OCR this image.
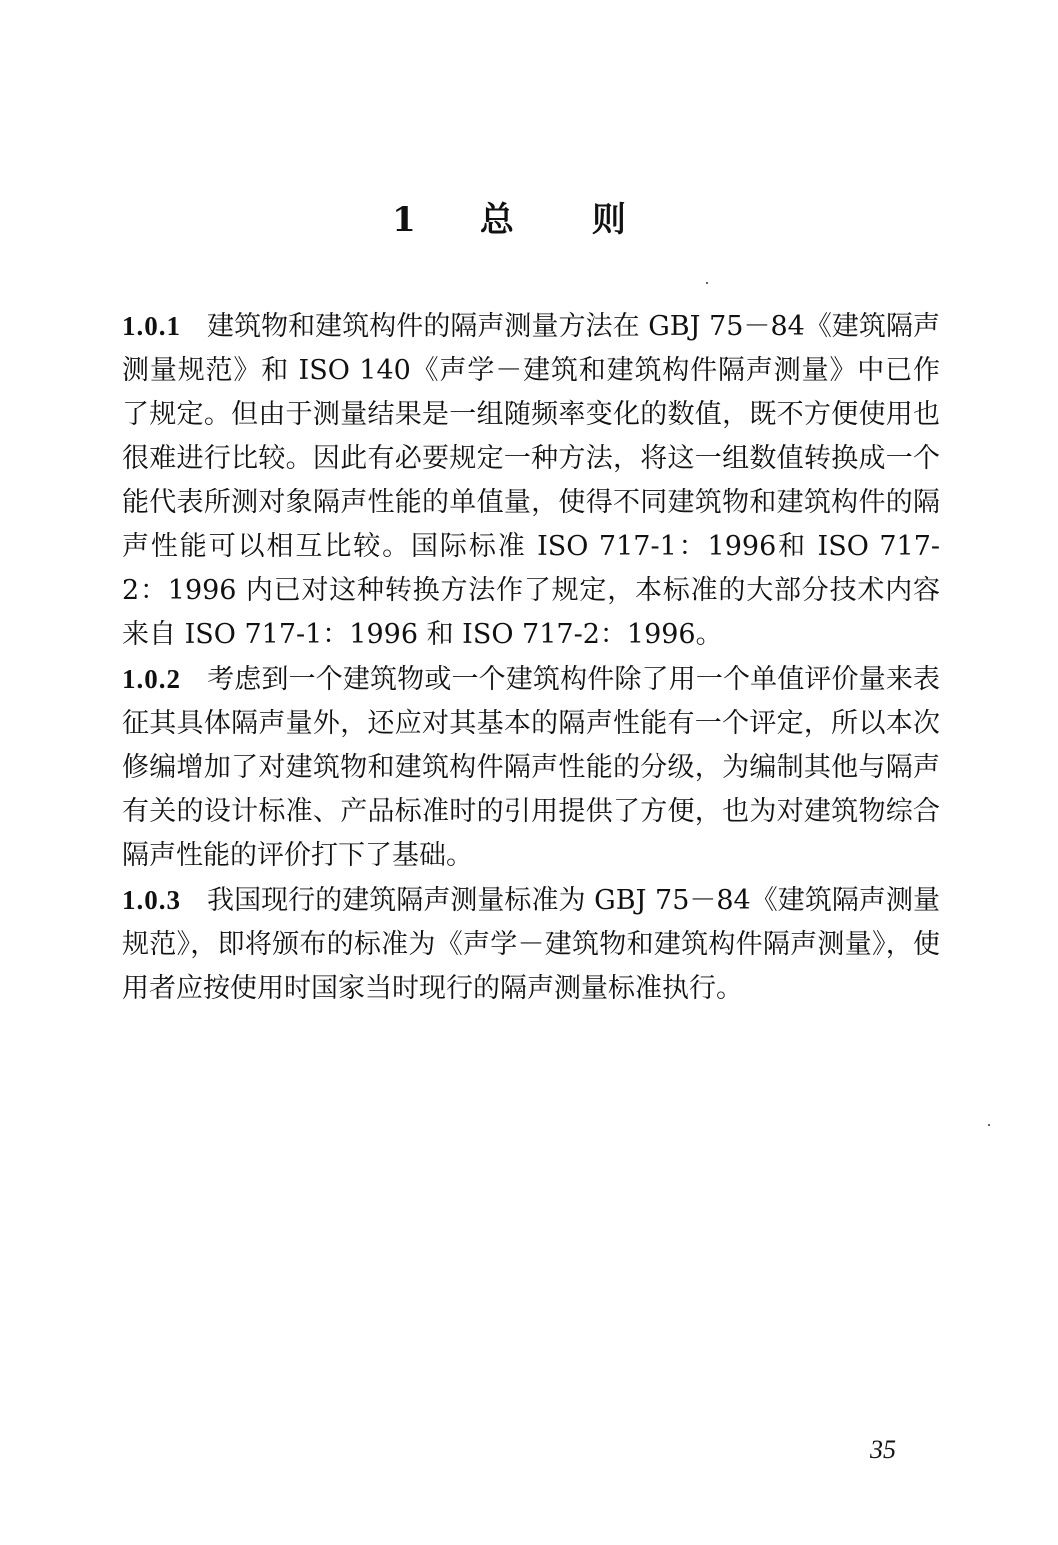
1 总 则

1.0.1 建筑物和建筑构件的隔声测量方法在 GBJ 75－84《建筑隔声测量规范》和 ISO 140《声学－建筑和建筑构件隔声测量》中已作了规定。但由于测量结果是一组随频率变化的数值，既不方便使用也很难进行比较。因此有必要规定一种方法，将这一组数值转换成一个能代表所测对象隔声性能的单值量，使得不同建筑物和建筑构件的隔声性能可以相互比较。国际标准 ISO 717-1：1996和 ISO 717-2：1996 内已对这种转换方法作了规定，本标准的大部分技术内容来自 ISO 717-1：1996 和 ISO 717-2：1996。

1.0.2 考虑到一个建筑物或一个建筑构件除了用一个单值评价量来表征其具体隔声量外，还应对其基本的隔声性能有一个评定，所以本次修编增加了对建筑物和建筑构件隔声性能的分级，为编制其他与隔声有关的设计标准、产品标准时的引用提供了方便，也为对建筑物综合隔声性能的评价打下了基础。

1.0.3 我国现行的建筑隔声测量标准为 GBJ 75－84《建筑隔声测量规范》，即将颁布的标准为《声学－建筑物和建筑构件隔声测量》，使用者应按使用时国家当时现行的隔声测量标准执行。

35
